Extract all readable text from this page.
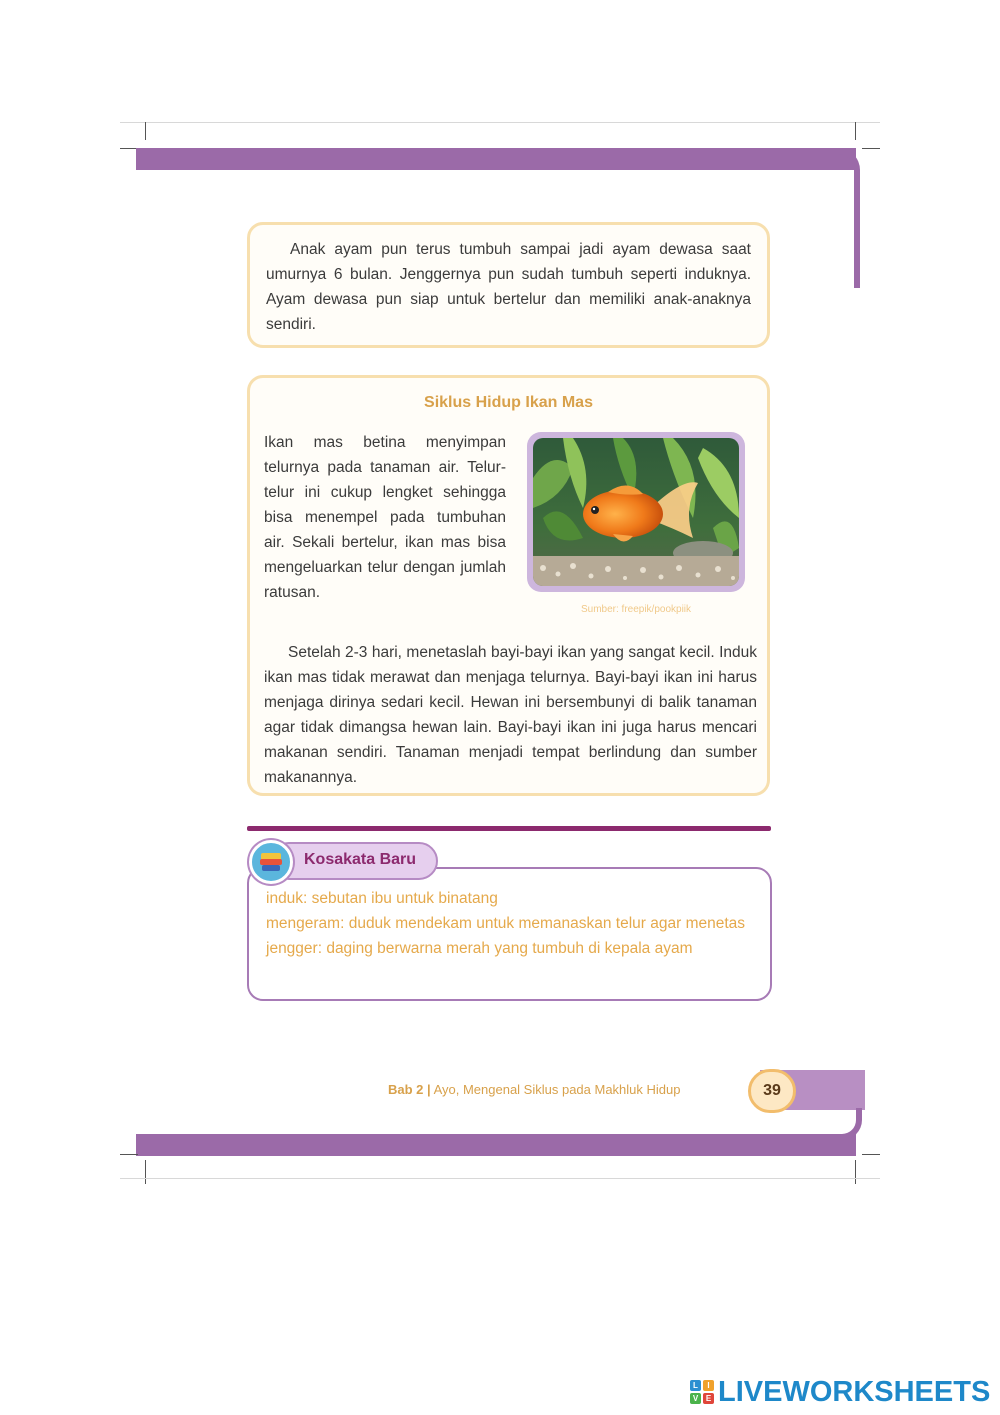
Anak ayam pun terus tumbuh sampai jadi ayam dewasa saat umurnya 6 bulan. Jenggernya pun sudah tumbuh seperti induknya. Ayam dewasa pun siap untuk bertelur dan memiliki anak-anaknya sendiri.

Siklus Hidup Ikan Mas

Ikan mas betina menyimpan telurnya pada tanaman air. Telur-telur ini cukup lengket sehingga bisa menempel pada tumbuhan air. Sekali bertelur, ikan mas bisa mengeluarkan telur dengan jumlah ratusan.

Sumber: freepik/pookpiik

Setelah 2-3 hari, menetaslah bayi-bayi ikan yang sangat kecil. Induk ikan mas tidak merawat dan menjaga telurnya. Bayi-bayi ikan ini harus menjaga dirinya sedari kecil. Hewan ini bersembunyi di balik tanaman agar tidak dimangsa hewan lain. Bayi-bayi ikan ini juga harus mencari makanan sendiri. Tanaman menjadi tempat berlindung dan sumber makanannya.

induk: sebutan ibu untuk binatang

mengeram: duduk mendekam untuk memanaskan telur agar menetas

jengger: daging berwarna merah yang tumbuh di kepala ayam

Kosakata Baru
Bab 2 | Ayo, Mengenal Siklus pada Makhluk Hidup	39
L	I
V E LIVEWORKSHEETS
